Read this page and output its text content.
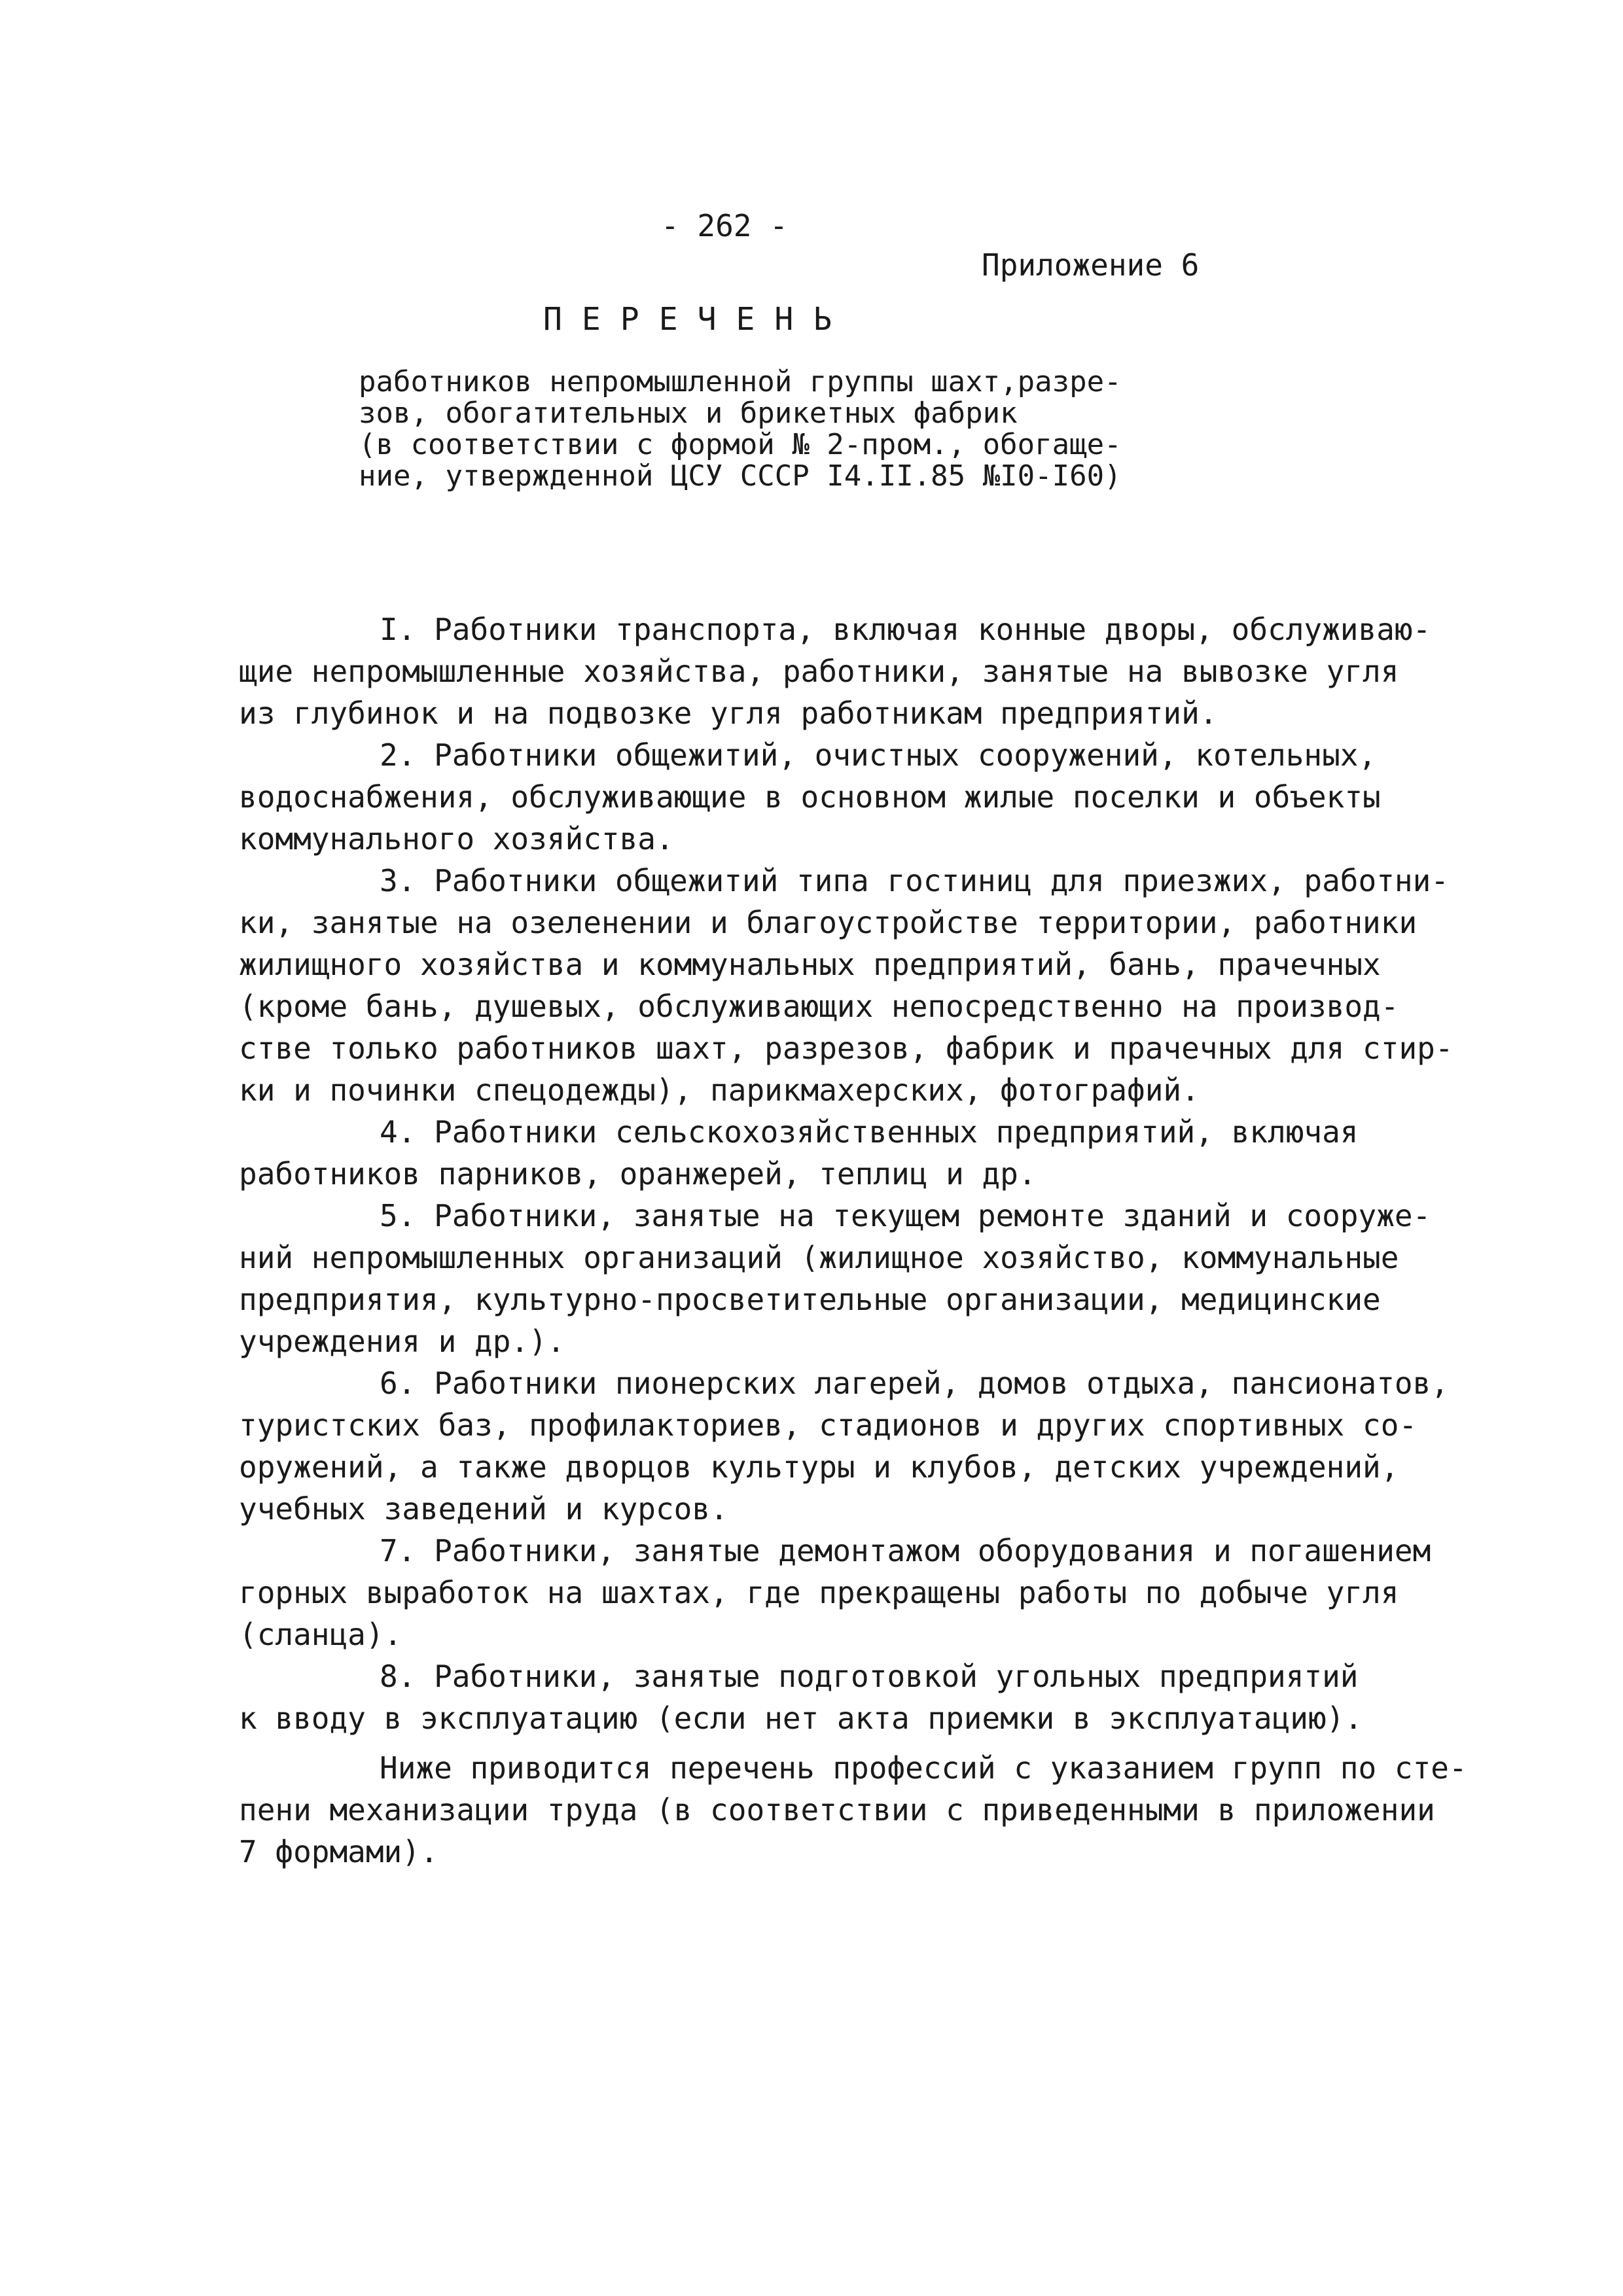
- 262 -
Приложение 6
ПЕРЕЧЕНЬ
работников непромышленной группы шахт,разре-
зов, обогатительных и брикетных фабрик
(в соответствии с формой № 2-пром., обогаще-
ние, утвержденной ЦСУ СССР I4.II.85 №I0-I60)
I. Работники транспорта, включая конные дворы, обслуживаю-
щие непромышленные хозяйства, работники, занятые на вывозке угля
из глубинок и на подвозке угля работникам предприятий.
2. Работники общежитий, очистных сооружений, котельных,
водоснабжения, обслуживающие в основном жилые поселки и объекты
коммунального хозяйства.
3. Работники общежитий типа гостиниц для приезжих, работни-
ки, занятые на озеленении и благоустройстве территории, работники
жилищного хозяйства и коммунальных предприятий, бань, прачечных
(кроме бань, душевых, обслуживающих непосредственно на производ-
стве только работников шахт, разрезов, фабрик и прачечных для стир-
ки и починки спецодежды), парикмахерских, фотографий.
4. Работники сельскохозяйственных предприятий, включая
работников парников, оранжерей, теплиц и др.
5. Работники, занятые на текущем ремонте зданий и сооруже-
ний непромышленных организаций (жилищное хозяйство, коммунальные
предприятия, культурно-просветительные организации, медицинские
учреждения и др.).
6. Работники пионерских лагерей, домов отдыха, пансионатов,
туристских баз, профилакториев, стадионов и других спортивных со-
оружений, а также дворцов культуры и клубов, детских учреждений,
учебных заведений и курсов.
7. Работники, занятые демонтажом оборудования и погашением
горных выработок на шахтах, где прекращены работы по добыче угля
(сланца).
8. Работники, занятые подготовкой угольных предприятий
к вводу в эксплуатацию (если нет акта приемки в эксплуатацию).
Ниже приводится перечень профессий с указанием групп по сте-
пени механизации труда (в соответствии с приведенными в приложении
7 формами).
